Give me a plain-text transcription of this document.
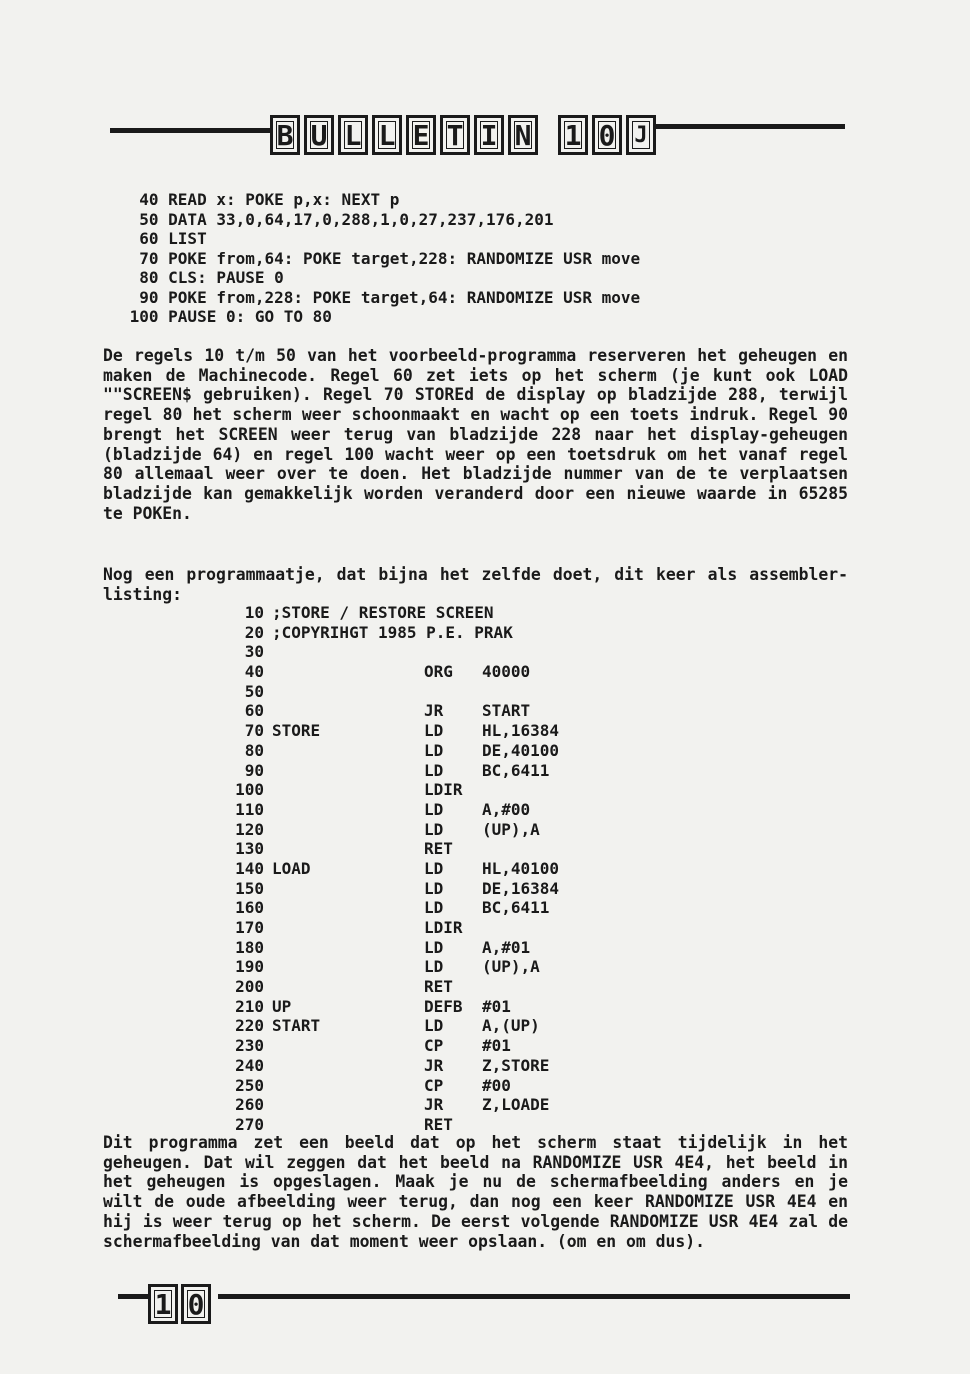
B U L L E T I N 1 0 J
40 READ x: POKE p,x: NEXT p
50 DATA 33,0,64,17,0,288,1,0,27,237,176,201
60 LIST
70 POKE from,64: POKE target,228: RANDOMIZE USR move
80 CLS: PAUSE 0
90 POKE from,228: POKE target,64: RANDOMIZE USR move
100 PAUSE 0: GO TO 80

De regels 10 t/m 50 van het voorbeeld-programma reserveren het geheugen en maken de Machinecode. Regel 60 zet iets op het scherm (je kunt ook LOAD ""SCREEN$ gebruiken). Regel 70 STOREd de display op bladzijde 288, terwijl regel 80 het scherm weer schoonmaakt en wacht op een toets indruk. Regel 90 brengt het SCREEN weer terug van bladzijde 228 naar het display-geheugen (bladzijde 64) en regel 100 wacht weer op een toetsdruk om het vanaf regel 80 allemaal weer over te doen. Het bladzijde nummer van de te verplaatsen bladzijde kan gemakkelijk worden veranderd door een nieuwe waarde in 65285 te POKEn.

Nog een programmaatje, dat bijna het zelfde doet, dit keer als assembler-listing:

10 ;STORE / RESTORE SCREEN
20 ;COPYRIHGT 1985 P.E. PRAK
30
40	ORG	40000
50
60	JR	START
70 STORE	LD	HL,16384
80	LD	DE,40100
90	LD	BC,6411
100	LDIR
110	LD	A,#00
120	LD	(UP),A
130	RET
140 LOAD	LD	HL,40100
150	LD	DE,16384
160	LD	BC,6411
170	LDIR
180	LD	A,#01
190	LD	(UP),A
200	RET
210 UP	DEFB	#01
220 START	LD	A,(UP)
230	CP	#01
240	JR	Z,STORE
250	CP	#00
260	JR	Z,LOADE
270	RET

Dit programma zet een beeld dat op het scherm staat tijdelijk in het geheugen. Dat wil zeggen dat het beeld na RANDOMIZE USR 4E4, het beeld in het geheugen is opgeslagen. Maak je nu de schermafbeelding anders en je wilt de oude afbeelding weer terug, dan nog een keer RANDOMIZE USR 4E4 en hij is weer terug op het scherm. De eerst volgende RANDOMIZE USR 4E4 zal de schermafbeelding van dat moment weer opslaan. (om en om dus).

1 0
